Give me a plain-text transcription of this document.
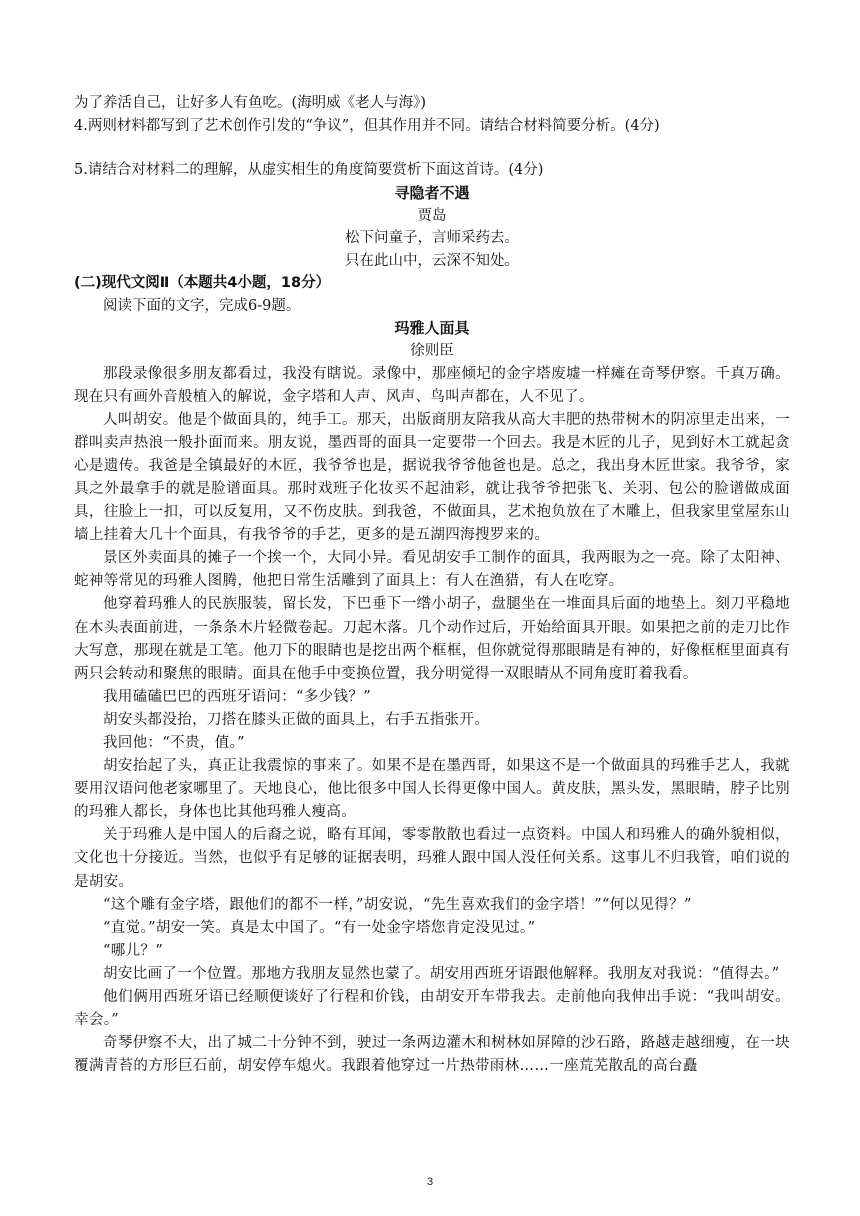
为了养活自己，让好多人有鱼吃。(海明威《老人与海》)
4.两则材料都写到了艺术创作引发的“争议”，但其作用并不同。请结合材料简要分析。(4分)
5.请结合对材料二的理解，从虚实相生的角度简要赏析下面这首诗。(4分)
寻隐者不遇
贾岛
松下问童子，言师采药去。
只在此山中，云深不知处。
(二)现代文阅Ⅱ（本题共4小题，18分）
阅读下面的文字，完成6-9题。
玛雅人面具
徐则臣

那段录像很多朋友都看过，我没有瞎说。录像中，那座倾圮的金字塔废墟一样瘫在奇琴伊察。千真万确。现在只有画外音般植入的解说，金字塔和人声、风声、鸟叫声都在，人不见了。

人叫胡安。他是个做面具的，纯手工。那天，出版商朋友陪我从高大丰肥的热带树木的阴凉里走出来，一群叫卖声热浪一般扑面而来。朋友说，墨西哥的面具一定要带一个回去。我是木匠的儿子，见到好木工就起贪心是遗传。我爸是全镇最好的木匠，我爷爷也是，据说我爷爷他爸也是。总之，我出身木匠世家。我爷爷，家具之外最拿手的就是脸谱面具。那时戏班子化妆买不起油彩，就让我爷爷把张飞、关羽、包公的脸谱做成面具，往脸上一扣，可以反复用，又不伤皮肤。到我爸，不做面具，艺术抱负放在了木雕上，但我家里堂屋东山墙上挂着大几十个面具，有我爷爷的手艺，更多的是五湖四海搜罗来的。

景区外卖面具的摊子一个挨一个，大同小异。看见胡安手工制作的面具，我两眼为之一亮。除了太阳神、蛇神等常见的玛雅人图腾，他把日常生活雕到了面具上：有人在渔猎，有人在吃穿。

他穿着玛雅人的民族服装，留长发，下巴垂下一绺小胡子，盘腿坐在一堆面具后面的地垫上。刻刀平稳地在木头表面前进，一条条木片轻微卷起。刀起木落。几个动作过后，开始给面具开眼。如果把之前的走刀比作大写意，那现在就是工笔。他刀下的眼睛也是挖出两个框框，但你就觉得那眼睛是有神的，好像框框里面真有两只会转动和聚焦的眼睛。面具在他手中变换位置，我分明觉得一双眼睛从不同角度盯着我看。

我用磕磕巴巴的西班牙语问：“多少钱？”

胡安头都没抬，刀搭在膝头正做的面具上，右手五指张开。

我回他：“不贵，值。”

胡安抬起了头，真正让我震惊的事来了。如果不是在墨西哥，如果这不是一个做面具的玛雅手艺人，我就要用汉语问他老家哪里了。天地良心，他比很多中国人长得更像中国人。黄皮肤，黑头发，黑眼睛，脖子比别的玛雅人都长，身体也比其他玛雅人瘦高。

关于玛雅人是中国人的后裔之说，略有耳闻，零零散散也看过一点资料。中国人和玛雅人的确外貌相似，文化也十分接近。当然，也似乎有足够的证据表明，玛雅人跟中国人没任何关系。这事儿不归我管，咱们说的是胡安。

“这个雕有金字塔，跟他们的都不一样，”胡安说，“先生喜欢我们的金字塔！”“何以见得？”

“直觉。”胡安一笑。真是太中国了。“有一处金字塔您肯定没见过。”

“哪儿？”

胡安比画了一个位置。那地方我朋友显然也蒙了。胡安用西班牙语跟他解释。我朋友对我说：“值得去。”

他们俩用西班牙语已经顺便谈好了行程和价钱，由胡安开车带我去。走前他向我伸出手说：“我叫胡安。幸会。”

奇琴伊察不大，出了城二十分钟不到，驶过一条两边灌木和树林如屏障的沙石路，路越走越细瘦，在一块覆满青苔的方形巨石前，胡安停车熄火。我跟着他穿过一片热带雨林……一座荒芜散乱的高台矗

3
